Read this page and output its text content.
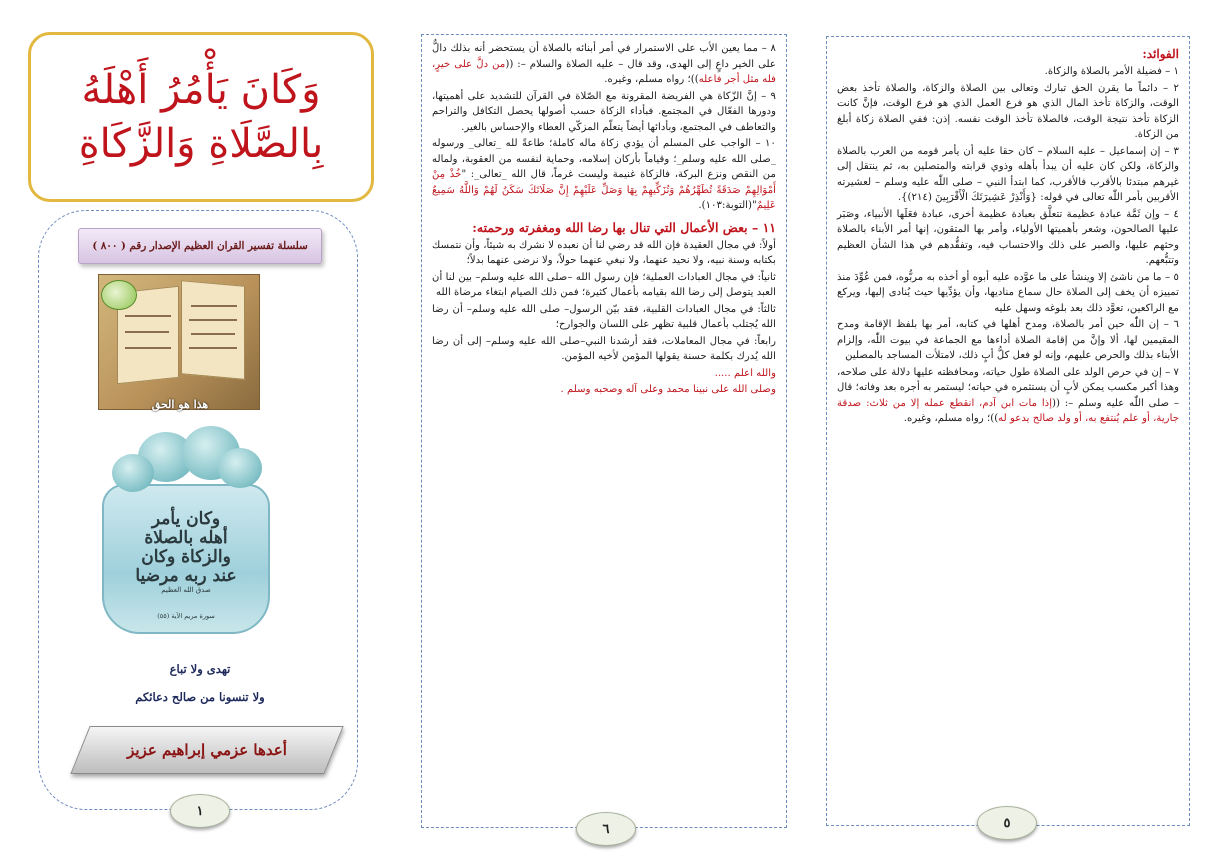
الفوائد:

١ – فضيلة الأمر بالصلاة والزكاة.

٢ – دائماً ما يقرن الحق تبارك وتعالى بين الصلاة والزكاة، والصلاة تأخذ بعض الوقت، والزكاة تأخذ المال الذي هو فرع العمل الذي هو فرع الوقت، فإنَّ كانت الزكاة تأخذ نتيجة الوقت، فالصلاة تأخذ الوقت نفسه. إذن: ففي الصلاة زكاة أبلغ من الزكاة.

٣ – إن إسماعيل – عليه السلام – كان حقا عليه أن يأمر قومه من العرب بالصلاة والزكاة، ولكن كان عليه أن يبدأ بأهله وذوي قرابته والمتصلين به، ثم ينتقل إلى غيرهم مبتدئا بالأقرب فالأقرب، كما ابتدأ النبي – صلى اللّٰه عليه وسلم – لعشيرته الأقربين بأمر اللّٰه تعالى في قوله: {وَأَنْذِرْ عَشِيرَتَكَ الْأَقْرَبِينَ (٢١٤)}.

٤ – وإن ثَمَّة عبادة عظيمة تتعلَّق بعبادة عظيمة أخرى، عبادة فعَلَها الأنبياء، وصَبَر عليها الصالحون، وشعر بأهميتها الأولياء، وأمر بها المتقون، إنها أمر الأبناء بالصلاة وحثهم عليها، والصبر على ذلك والاحتساب فيه، وتفقُّدهم في هذا الشأن العظيم وتتبُّعهم.

٥ – ما من ناشئ إلا وينشأ على ما عوَّده عليه أبوه أو أخذه به مربُّوه، فمن عُوِّدَ منذ تمييزه أن يخف إلى الصلاة حال سماع مناديها، وأن يؤدِّيها حيث يُنادى إليها، ويركع مع الراكعين، تعوَّد ذلك بعد بلوغه وسهل عليه

٦ – إن اللّٰه حين أمر بالصلاة، ومدح أهلها في كتابه، أمر بها بلفظ الإقامة ومدح المقيمين لها، ألا وإنَّ من إقامة الصلاة أداءها مع الجماعة في بيوت اللّٰه، وإلزام الأبناء بذلك والحرص عليهم، وإنه لو فعل كلُّ أبٍ ذلك، لامتلأت المساجد بالمصلين

٧ – إن في حرص الولد على الصلاة طول حياته، ومحافظته عليها دلالة على صلاحه، وهذا أكبر مكسب يمكن لأبٍ أن يستثمره في حياته؛ ليستمر به أجره بعد وفاته؛ قال – صلى اللّٰه عليه وسلم –: ((إذا مات ابن آدم، انقطع عمله إلا من ثلاث: صدقة جارية، أو علم يُنتفع به، أو ولد صالح يدعو له))؛ رواه مسلم، وغيره.

٥

٨ – مما يعين الأب على الاستمرار في أمر أبنائه بالصلاة أن يستحضر أنه بذلك دالٌّ على الخير داعٍ إلى الهدى، وقد قال – عليه الصلاة والسلام –: ((من دلَّ على خيرٍ، فله مثل أجر فاعله))؛ رواه مسلم، وغيره.

٩ – إنَّ الزّكاة هي الفريضة المقرونة مع الصّلاة في القرآن للتشديد على أهميتها، ودورها الفعّال في المجتمع. فبأداء الزكاة حسب أصولها يحصل التكافل والتراحم والتعاطف في المجتمع، وبأدائها أيضاً يتعلّم المزكّي العطاء والإحساس بالغير.

١٠ – الواجب على المسلم أن يؤدي زكاة ماله كاملة؛ طاعةً لله _تعالى_ ورسوله _صلى الله عليه وسلم_؛ وقياماً بأركان إسلامه، وحماية لنفسه من العقوبة، ولماله من النقص ونزع البركة، فالزكاة غنيمة وليست غرماً، قال الله _تعالى_: "خُذْ مِنْ أَمْوَالِهِمْ صَدَقَةً تُطَهِّرُهُمْ وَتُزَكِّيهِمْ بِهَا وَصَلِّ عَلَيْهِمْ إِنَّ صَلَاتَكَ سَكَنٌ لَهُمْ وَاللَّهُ سَمِيعٌ عَلِيمٌ"(التوبة:١٠٣).

١١ – بعض الأعمال التي تنال بها رضا الله ومغفرته ورحمته:

أولاً: في مجال العقيدة فإن الله قد رضي لنا أن نعبده لا نشرك به شيئاً، وأن نتمسك بكتابه وسنة نبيه، ولا نحيد عنهما، ولا نبغي عنهما حولاً، ولا نرضى عنهما بدلاً؛

ثانياً: في مجال العبادات العملية؛ فإن رسول الله –صلى الله عليه وسلم– بين لنا أن العبد يتوصل إلى رضا الله بقيامه بأعمال كثيرة؛ فمن ذلك الصيام ابتغاء مرضاة الله

ثالثاً: في مجال العبادات القلبية، فقد بيّن الرسول– صلى الله عليه وسلم– أن رضا الله يُجتلب بأعمال قلبية تظهر على اللسان والجوارح؛

رابعاً: في مجال المعاملات، فقد أرشدنا النبي–صلى الله عليه وسلم– إلى أن رضا الله يُدرك بكلمة حسنة يقولها المؤمن لأخيه المؤمن.

والله اعلم .....

وصلى الله على نبينا محمد وعلى آله وصحبه وسلم .

٦
وَكَانَ يَأْمُرُ أَهْلَهُ
بِالصَّلَاةِ وَالزَّكَاةِ
سلسلة تفسير القران العظيم الإصدار رقم ( ٨٠٠ )
هذا هو الحق
وكان يأمر
أهله بالصلاة
والزكاة وكان
عند ربه مرضيا
صدق الله العظيم
سورة مريم الآية (٥٥)
تهدى ولا تباع
ولا تنسونا من صالح دعائكم
أعدها عزمي إبراهيم عزيز
١
